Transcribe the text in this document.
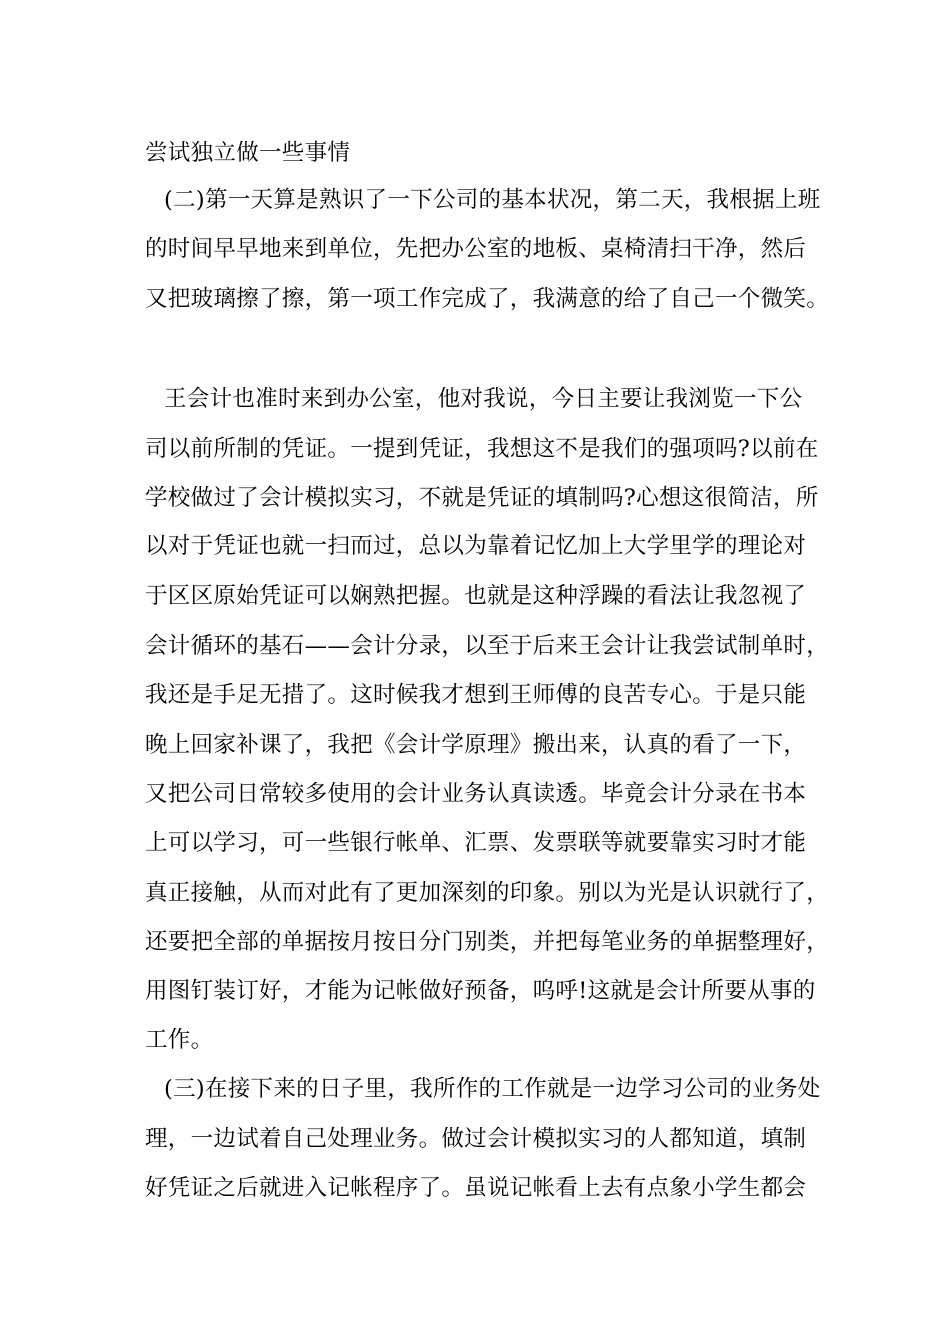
尝试独立做一些事情
(二)第一天算是熟识了一下公司的基本状况，第二天，我根据上班
的时间早早地来到单位，先把办公室的地板、桌椅清扫干净，然后
又把玻璃擦了擦，第一项工作完成了，我满意的给了自己一个微笑。
王会计也准时来到办公室，他对我说，今日主要让我浏览一下公
司以前所制的凭证。一提到凭证，我想这不是我们的强项吗?以前在
学校做过了会计模拟实习，不就是凭证的填制吗?心想这很简洁，所
以对于凭证也就一扫而过，总以为靠着记忆加上大学里学的理论对
于区区原始凭证可以娴熟把握。也就是这种浮躁的看法让我忽视了
会计循环的基石——会计分录，以至于后来王会计让我尝试制单时，
我还是手足无措了。这时候我才想到王师傅的良苦专心。于是只能
晚上回家补课了，我把《会计学原理》搬出来，认真的看了一下，
又把公司日常较多使用的会计业务认真读透。毕竟会计分录在书本
上可以学习，可一些银行帐单、汇票、发票联等就要靠实习时才能
真正接触，从而对此有了更加深刻的印象。别以为光是认识就行了，
还要把全部的单据按月按日分门别类，并把每笔业务的单据整理好，
用图钉装订好，才能为记帐做好预备，呜呼!这就是会计所要从事的
工作。
(三)在接下来的日子里，我所作的工作就是一边学习公司的业务处
理，一边试着自己处理业务。做过会计模拟实习的人都知道，填制
好凭证之后就进入记帐程序了。虽说记帐看上去有点象小学生都会
